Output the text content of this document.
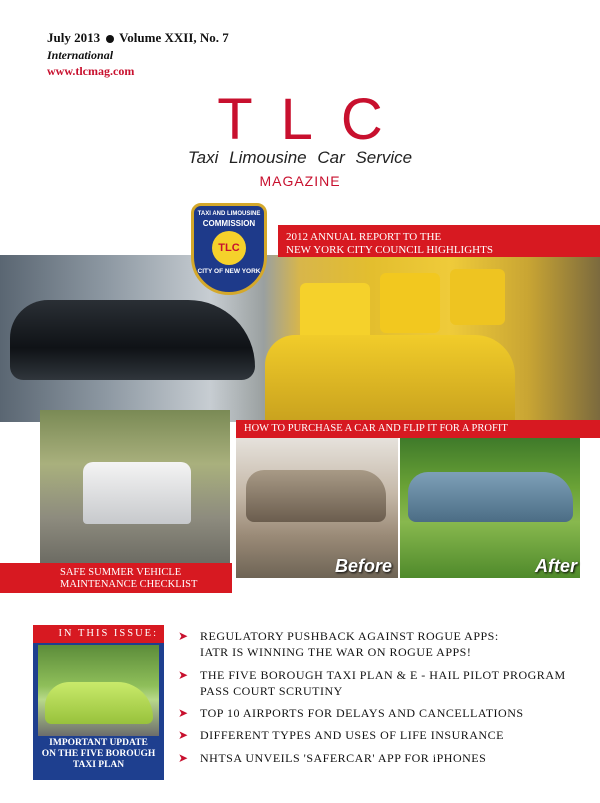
July 2013 Volume XXII, No. 7
International
www.tlcmag.com
TLC
Taxi Limousine Car Service
MAGAZINE
2012 ANNUAL REPORT TO THE
NEW YORK CITY COUNCIL HIGHLIGHTS
TAXI AND LIMOUSINE
COMMISSION
TLC
CITY OF NEW YORK
Before	After
HOW TO PURCHASE A CAR AND FLIP IT FOR A PROFIT
SAFE SUMMER VEHICLE
MAINTENANCE CHECKLIST
IN THIS ISSUE:
IMPORTANT UPDATE
ON THE FIVE BOROUGH
TAXI PLAN
➤ REGULATORY PUSHBACK AGAINST ROGUE APPS:
IATR IS WINNING THE WAR ON ROGUE APPS!
➤ THE FIVE BOROUGH TAXI PLAN & E - HAIL PILOT PROGRAM
PASS COURT SCRUTINY
➤ TOP 10 AIRPORTS FOR DELAYS AND CANCELLATIONS
➤ DIFFERENT TYPES AND USES OF LIFE INSURANCE
➤ NHTSA UNVEILS 'SAFERCAR' APP FOR iPHONES
